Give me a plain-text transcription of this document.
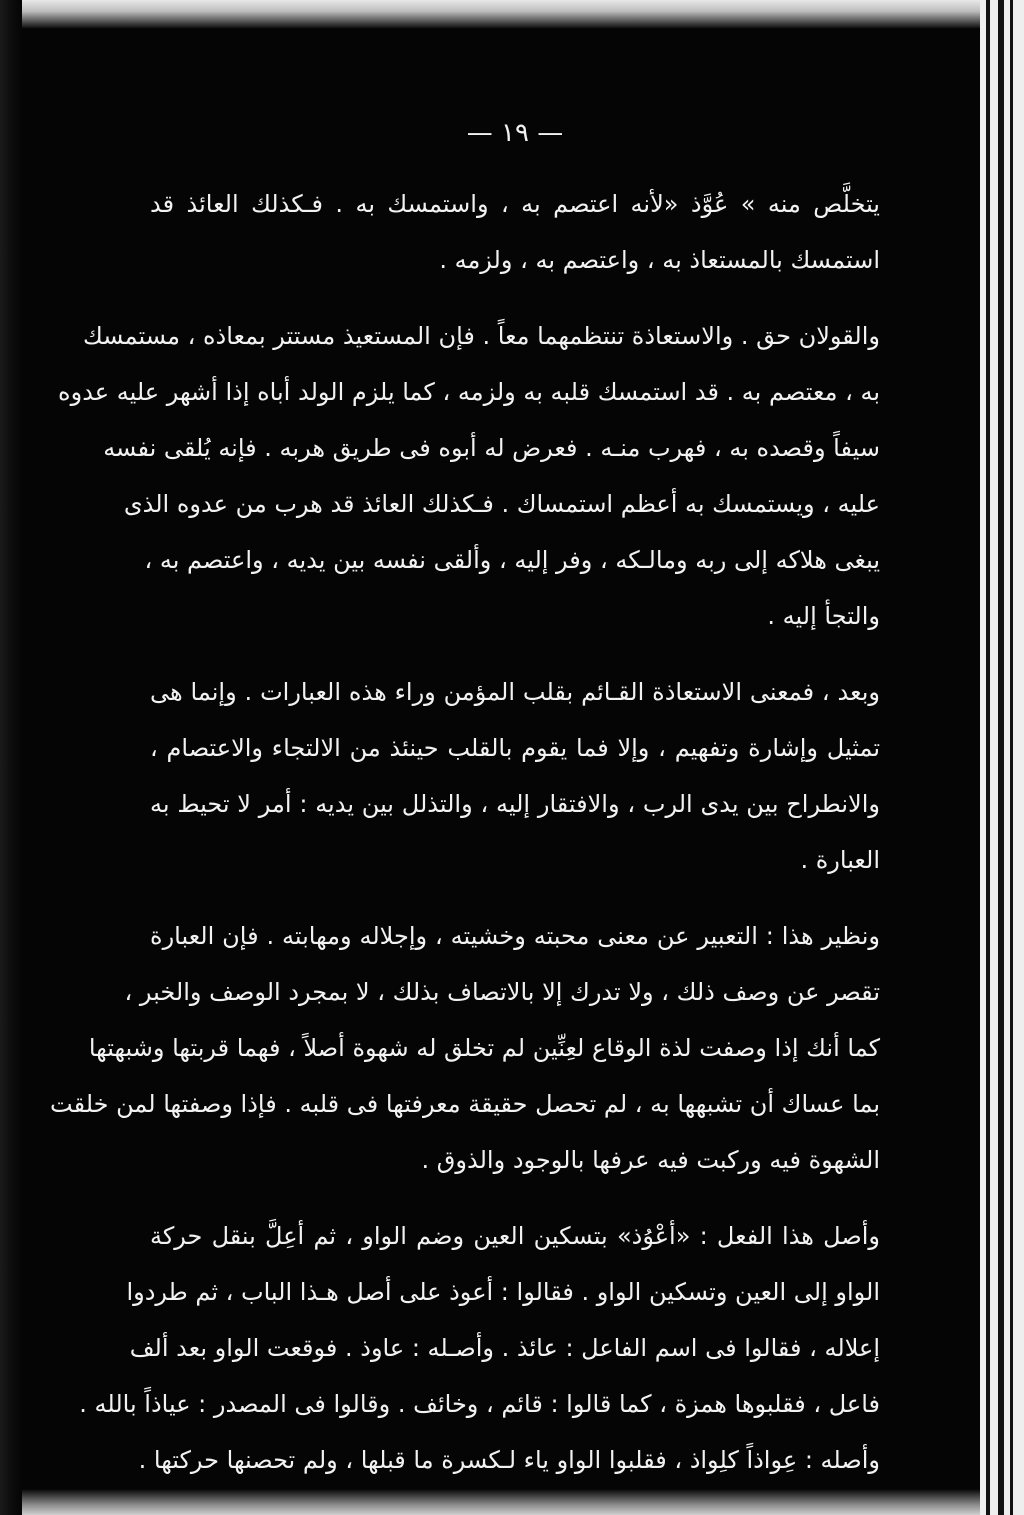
— ١٩ —
يتخلَّص منه » عُوَّذ «لأنه اعتصم به ، واستمسك به . فـكذلك العائذ قد
استمسك بالمستعاذ به ، واعتصم به ، ولزمه .
والقولان حق . والاستعاذة تنتظمهما معاً . فإن المستعيذ مستتر بمعاذه ، مستمسك
به ، معتصم به . قد استمسك قلبه به ولزمه ، كما يلزم الولد أباه إذا أشهر عليه عدوه
سيفاً وقصده به ، فهرب منـه . فعرض له أبوه فى طريق هربه . فإنه يُلقى نفسه
عليه ، ويستمسك به أعظم استمساك . فـكذلك العائذ قد هرب من عدوه الذى
يبغى هلاكه إلى ربه ومالـكه ، وفر إليه ، وألقى نفسه بين يديه ، واعتصم به ،
والتجأ إليه .
وبعد ، فمعنى الاستعاذة القـائم بقلب المؤمن وراء هذه العبارات . وإنما هى
تمثيل وإشارة وتفهيم ، وإلا فما يقوم بالقلب حينئذ من الالتجاء والاعتصام ،
والانطراح بين يدى الرب ، والافتقار إليه ، والتذلل بين يديه : أمر لا تحيط به
العبارة .
ونظير هذا : التعبير عن معنى محبته وخشيته ، وإجلاله ومهابته . فإن العبارة
تقصر عن وصف ذلك ، ولا تدرك إلا بالاتصاف بذلك ، لا بمجرد الوصف والخبر ،
كما أنك إذا وصفت لذة الوقاع لعِنِّين لم تخلق له شهوة أصلاً ، فهما قربتها وشبهتها
بما عساك أن تشبهها به ، لم تحصل حقيقة معرفتها فى قلبه . فإذا وصفتها لمن خلقت
الشهوة فيه وركبت فيه عرفها بالوجود والذوق .
وأصل هذا الفعل : «أعْوُذ» بتسكين العين وضم الواو ، ثم أعِلَّ بنقل حركة
الواو إلى العين وتسكين الواو . فقالوا : أعوذ على أصل هـذا الباب ، ثم طردوا
إعلاله ، فقالوا فى اسم الفاعل : عائذ . وأصـله : عاوذ . فوقعت الواو بعد ألف
فاعل ، فقلبوها همزة ، كما قالوا : قائم ، وخائف . وقالوا فى المصدر : عياذاً بالله .
وأصله : عِواذاً كلِواذ ، فقلبوا الواو ياء لـكسرة ما قبلها ، ولم تحصنها حركتها .
